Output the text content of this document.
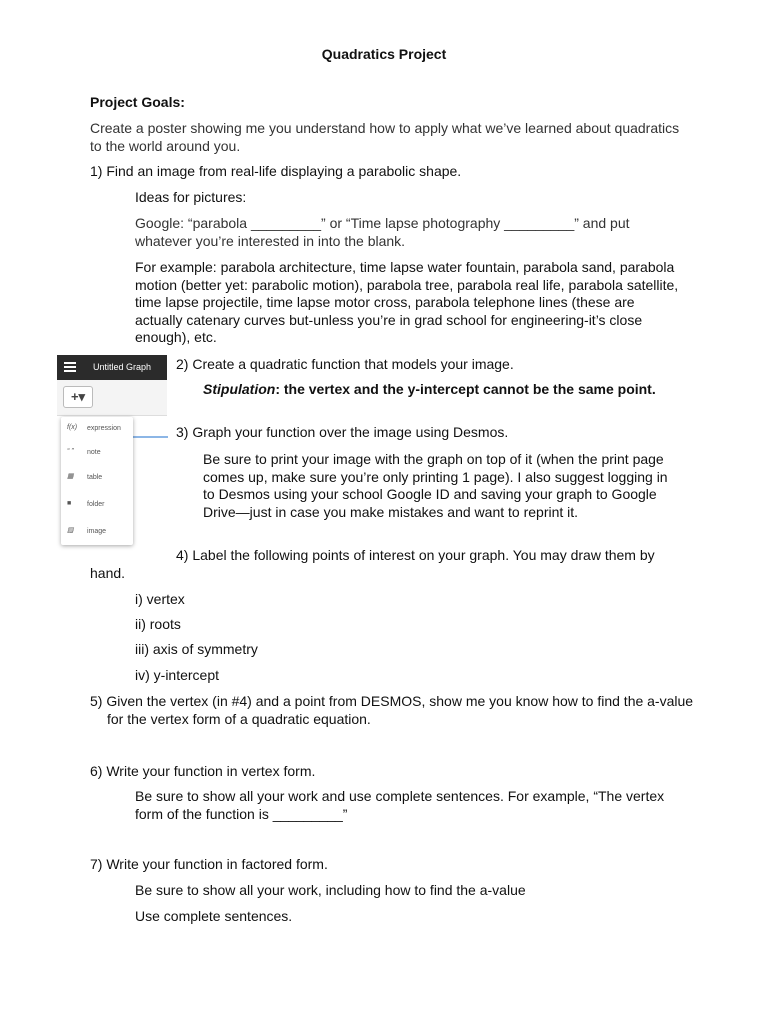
Quadratics Project

Project Goals:

Create a poster showing me you understand how to apply what we’ve learned about quadratics to the world around you.

1) Find an image from real-life displaying a parabolic shape.

Ideas for pictures:

Google: “parabola _________” or “Time lapse photography _________” and put whatever you’re interested in into the blank.

For example: parabola architecture, time lapse water fountain, parabola sand, parabola motion (better yet: parabolic motion), parabola tree, parabola real life, parabola satellite, time lapse projectile, time lapse motor cross, parabola telephone lines (these are actually catenary curves but-unless you’re in grad school for engineering-it’s close enough), etc.

Untitled Graph
+▾
f(x) expression
“ ” note
▦ table
■ folder
▨ image

2) Create a quadratic function that models your image.

Stipulation: the vertex and the y-intercept cannot be the same point.

3) Graph your function over the image using Desmos.

Be sure to print your image with the graph on top of it (when the print page comes up, make sure you’re only printing 1 page). I also suggest logging in to Desmos using your school Google ID and saving your graph to Google Drive—just in case you make mistakes and want to reprint it.

4) Label the following points of interest on your graph. You may draw them by hand.

i) vertex

ii) roots

iii) axis of symmetry

iv) y-intercept

5) Given the vertex (in #4) and a point from DESMOS, show me you know how to find the a-value for the vertex form of a quadratic equation.

6) Write your function in vertex form.

Be sure to show all your work and use complete sentences. For example, “The vertex form of the function is _________”

7) Write your function in factored form.

Be sure to show all your work, including how to find the a-value

Use complete sentences.
